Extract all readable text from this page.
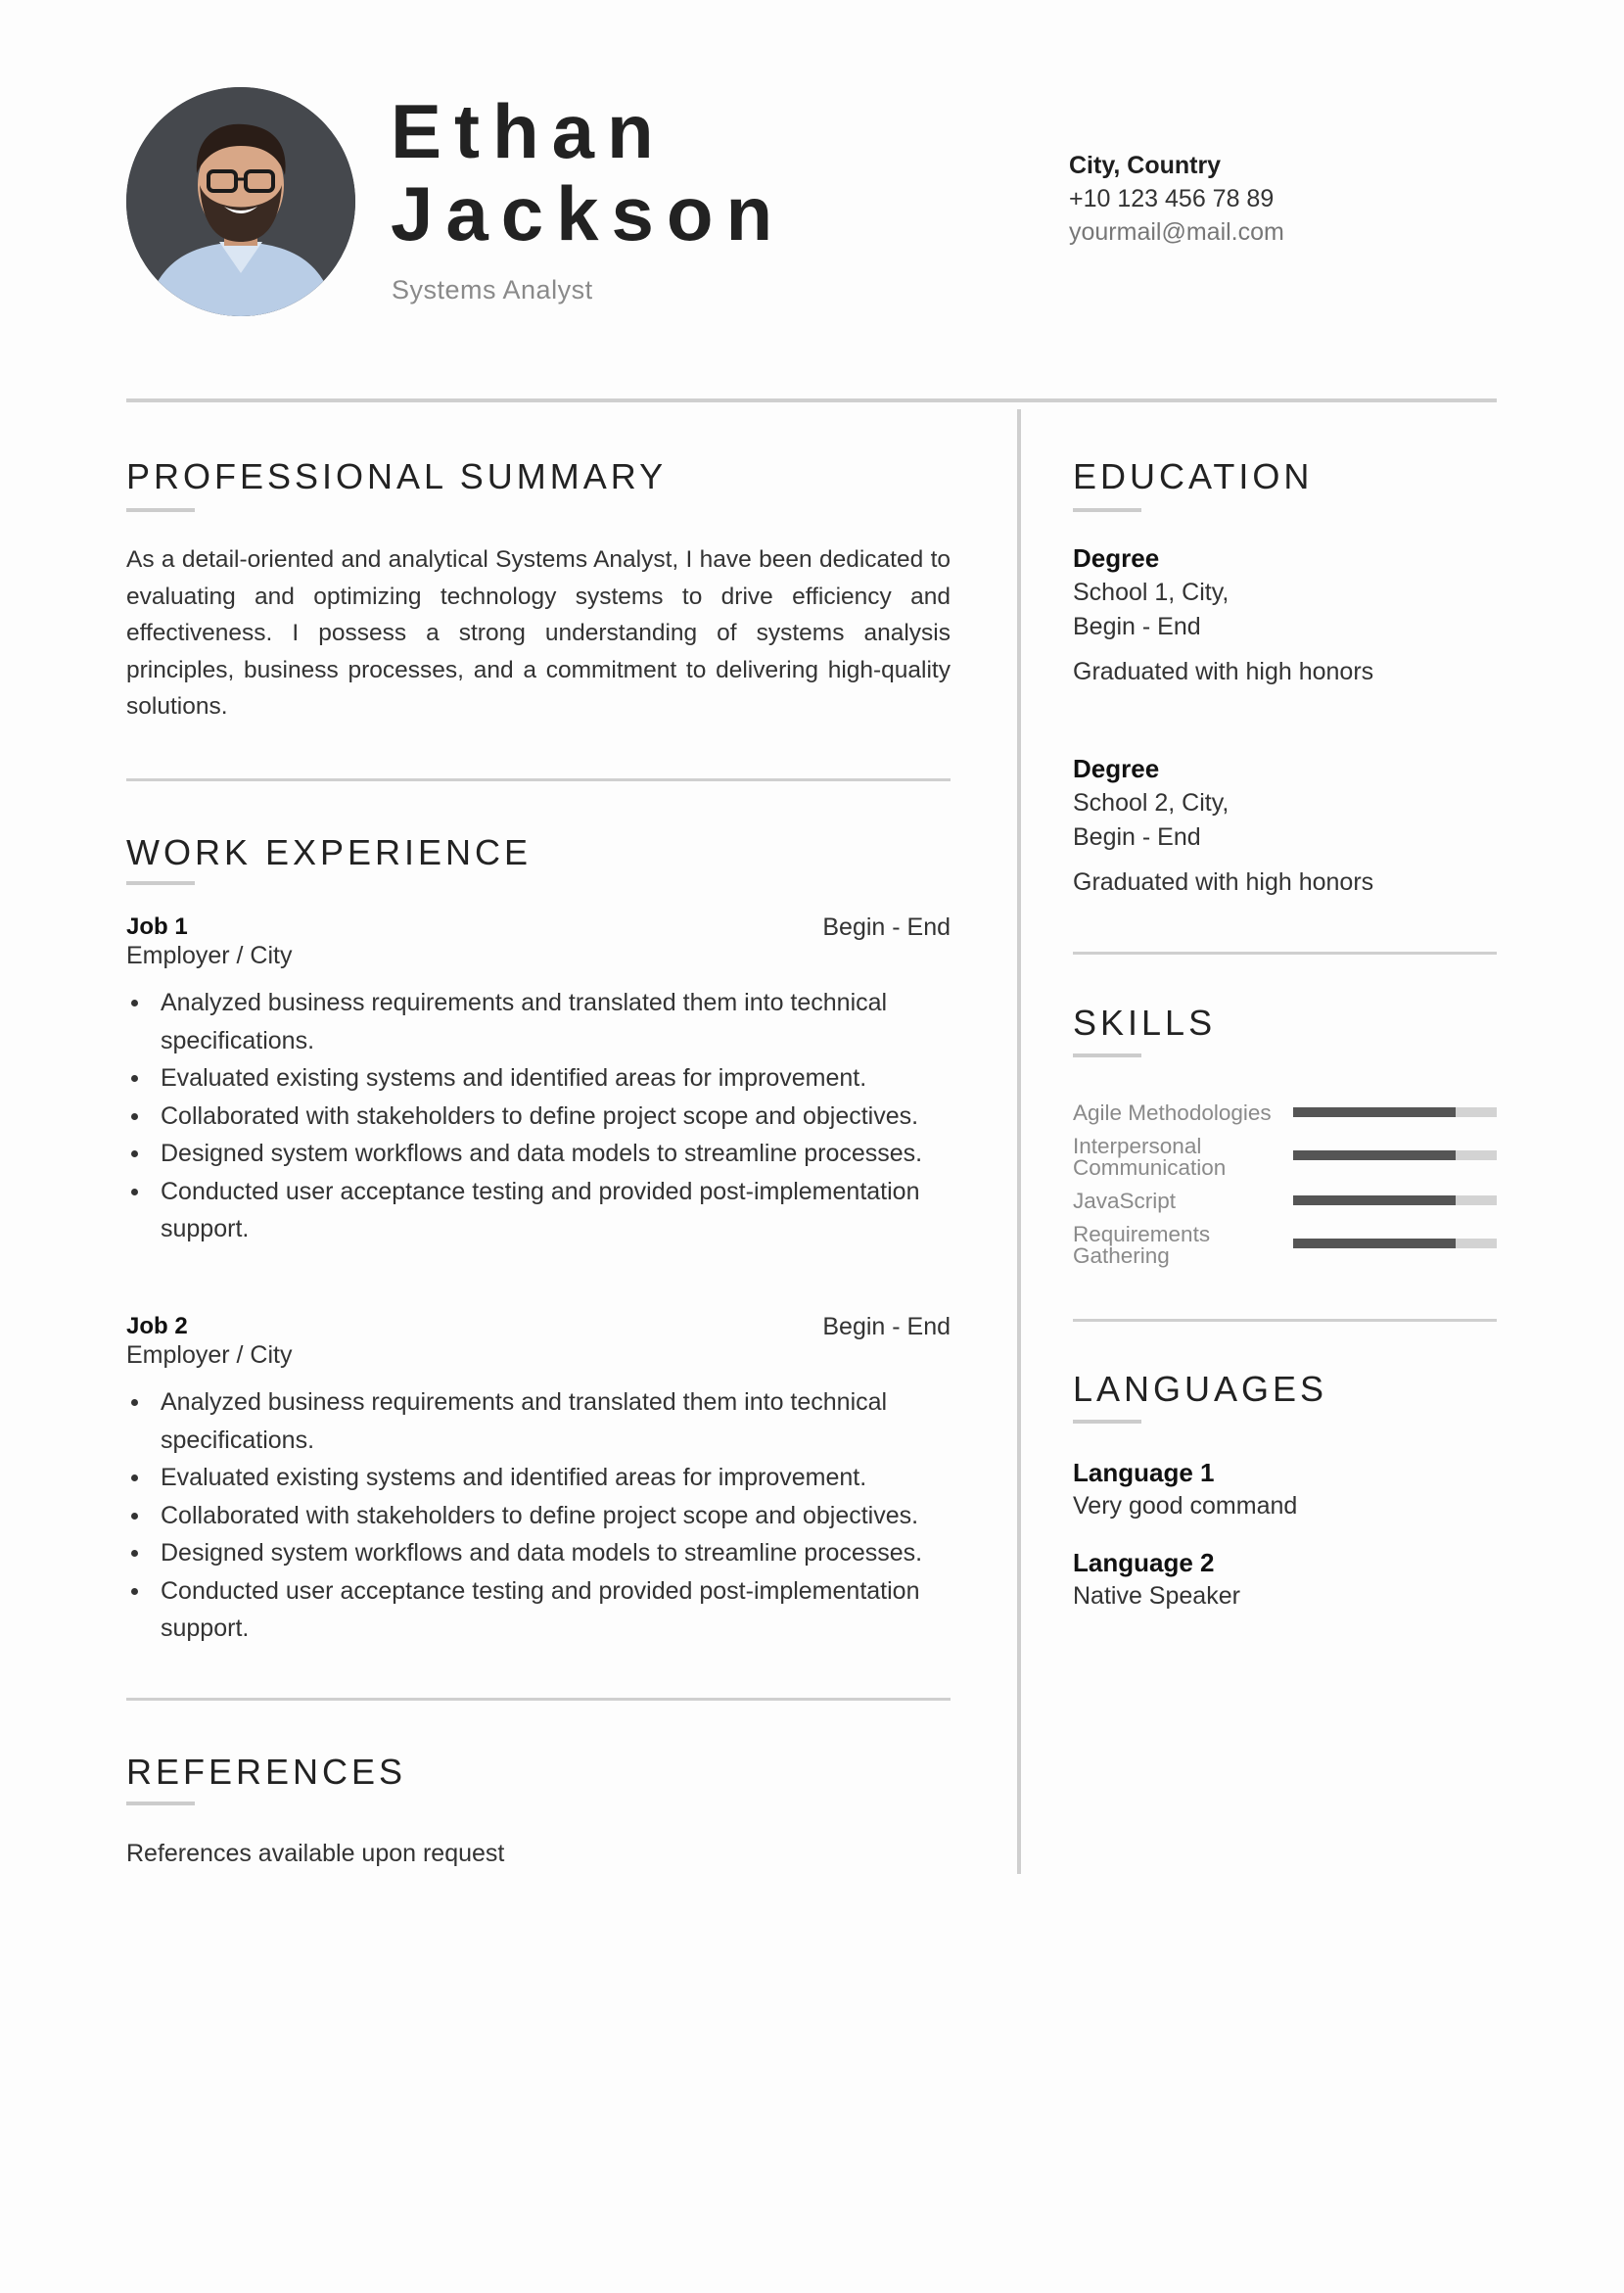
Ethan
Jackson
Systems Analyst
City, Country
+10 123 456 78 89
yourmail@mail.com
PROFESSIONAL SUMMARY

As a detail-oriented and analytical Systems Analyst, I have been dedicated to evaluating and optimizing technology systems to drive efficiency and effectiveness. I possess a strong understanding of systems analysis principles, business processes, and a commitment to delivering high-quality solutions.

WORK EXPERIENCE
Job 1	Begin - End
Employer / City
Analyzed business requirements and translated them into technical specifications.
Evaluated existing systems and identified areas for improvement.
Collaborated with stakeholders to define project scope and objectives.
Designed system workflows and data models to streamline processes.
Conducted user acceptance testing and provided post-implementation support.
Job 2	Begin - End
Employer / City
Analyzed business requirements and translated them into technical specifications.
Evaluated existing systems and identified areas for improvement.
Collaborated with stakeholders to define project scope and objectives.
Designed system workflows and data models to streamline processes.
Conducted user acceptance testing and provided post-implementation support.
REFERENCES
References available upon request
EDUCATION
Degree
School 1, City,
Begin - End
Graduated with high honors
Degree
School 2, City,
Begin - End
Graduated with high honors
SKILLS
Agile Methodologies
Interpersonal
Communication
JavaScript
Requirements
Gathering
LANGUAGES
Language 1
Very good command
Language 2
Native Speaker
